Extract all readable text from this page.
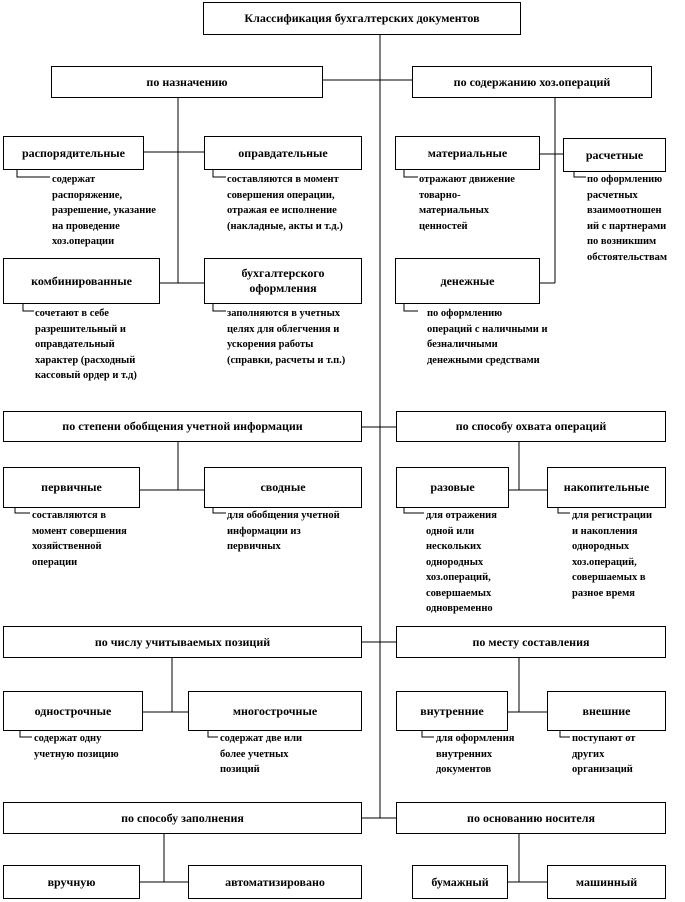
Классификация бухгалтерских документов
по назначению
распорядительные
содержат
распоряжение,
разрешение, указание
на проведение
хоз.операции
оправдательные
составляются в момент
совершения операции,
отражая ее исполнение
(накладные, акты и т.д.)
комбинированные
сочетают в себе
разрешительный и
оправдательный
характер (расходный
кассовый ордер и т.д)
бухгалтерского
оформления
заполняются в учетных
целях для облегчения и
ускорения работы
(справки, расчеты и т.п.)
по содержанию хоз.операций
материальные
отражают движение
товарно-
материальных
ценностей
расчетные
по оформлению
расчетных
взаимоотношен
ий с партнерами
по возникшим
обстоятельствам
денежные
по оформлению
операций с наличными и
безналичными
денежными средствами
по степени обобщения учетной информации
первичные
составляются в
момент совершения
хозяйственной
операции
сводные
для обобщения учетной
информации из
первичных
по способу охвата операций
разовые
для отражения
одной или
нескольких
однородных
хоз.операций,
совершаемых
одновременно
накопительные
для регистрации
и накопления
однородных
хоз.операций,
совершаемых в
разное время
по числу учитываемых позиций
однострочные
содержат одну
учетную позицию
многострочные
содержат две или
более учетных
позиций
по месту составления
внутренние
для оформления
внутренних
документов
внешние
поступают от
других
организаций
по способу заполнения
вручную	автоматизировано
по основанию носителя
бумажный	машинный
